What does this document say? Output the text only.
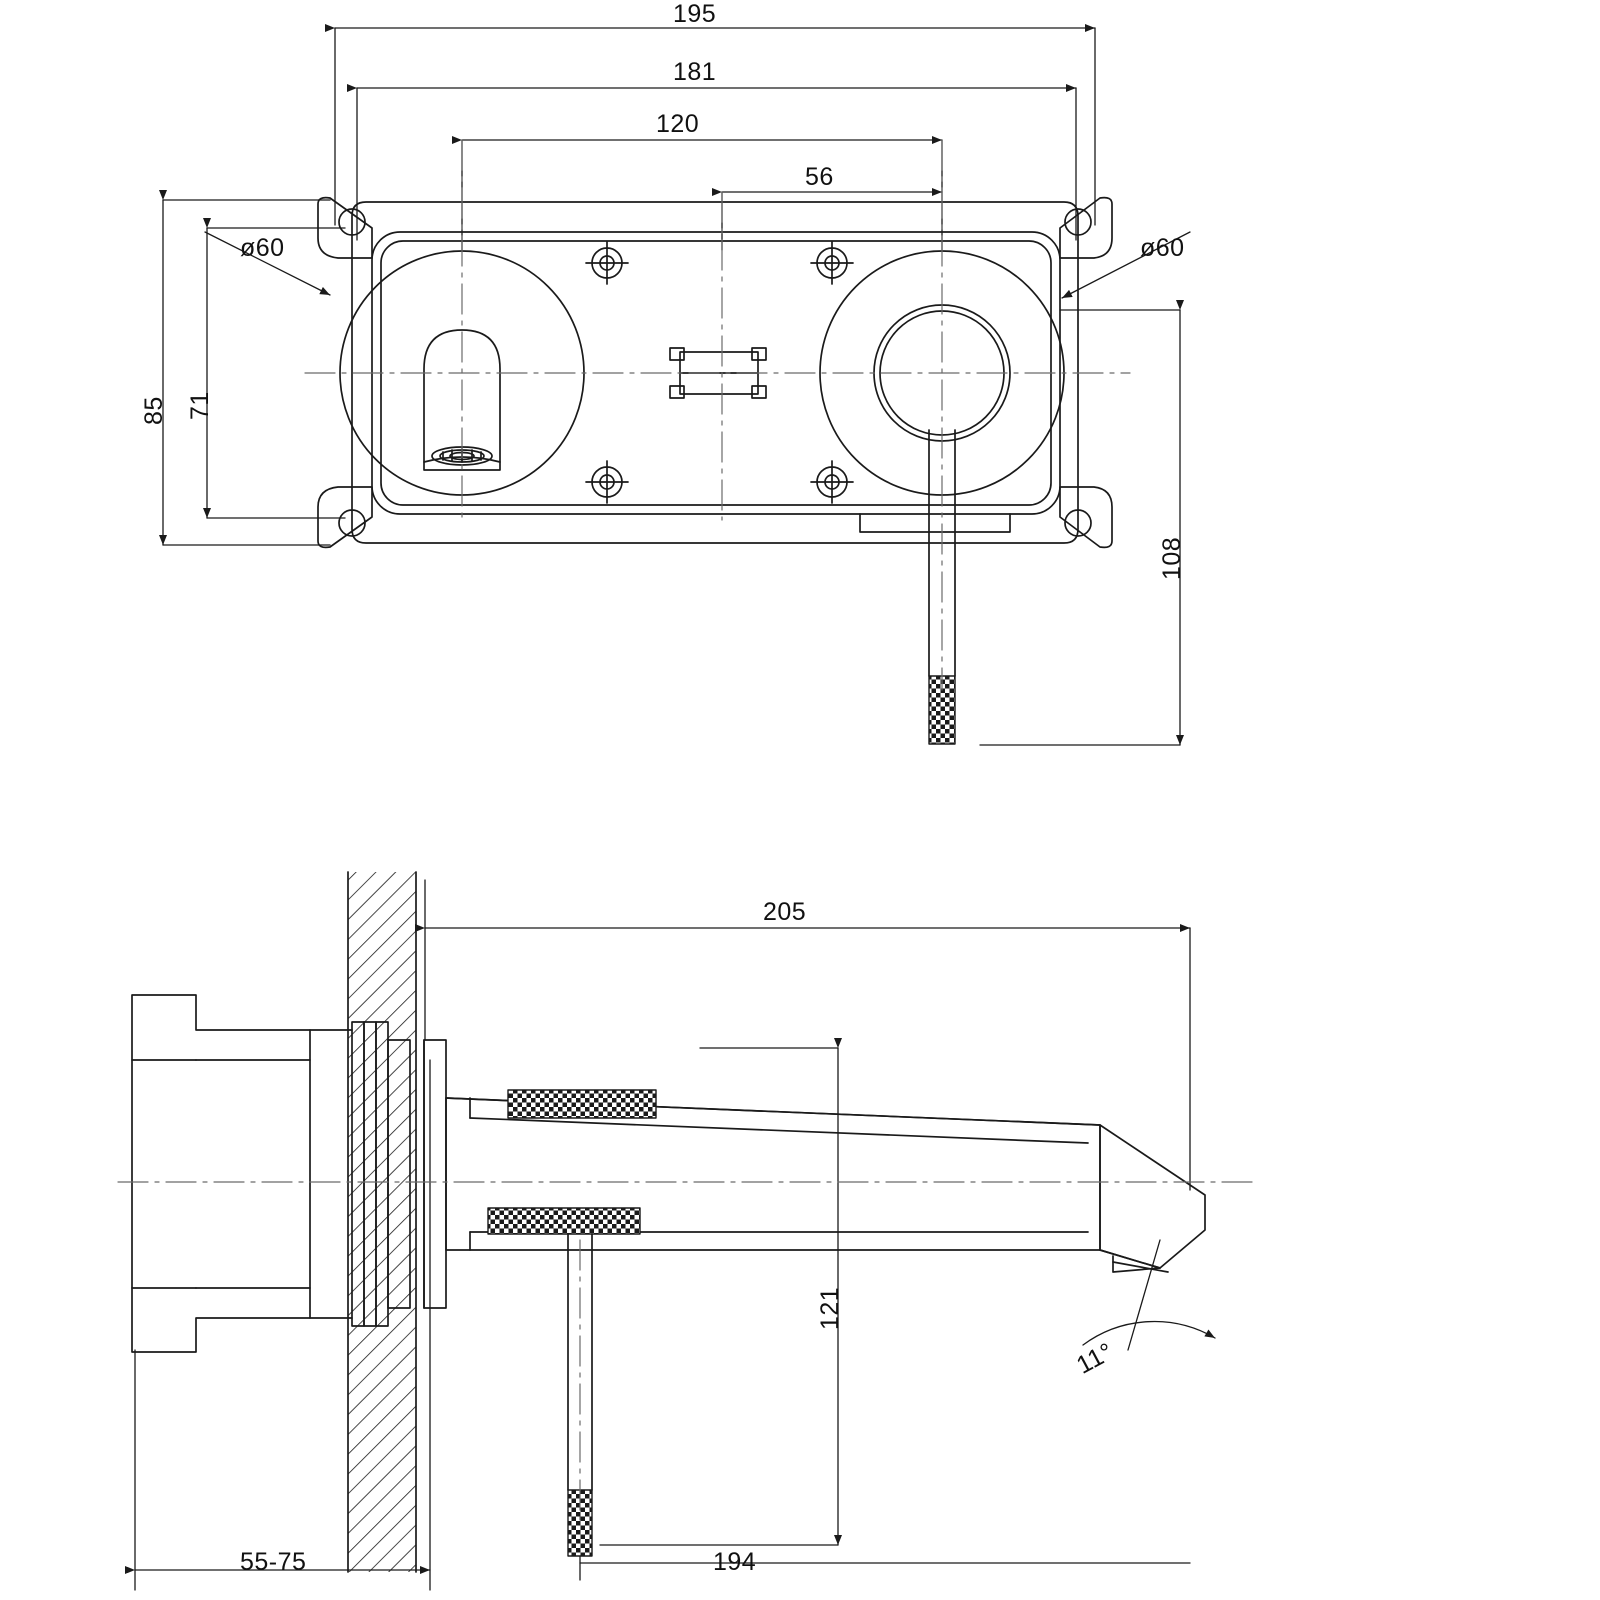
195
181
120
56
85 71
108
ø60	ø60
205
121
194
55-75
11°
